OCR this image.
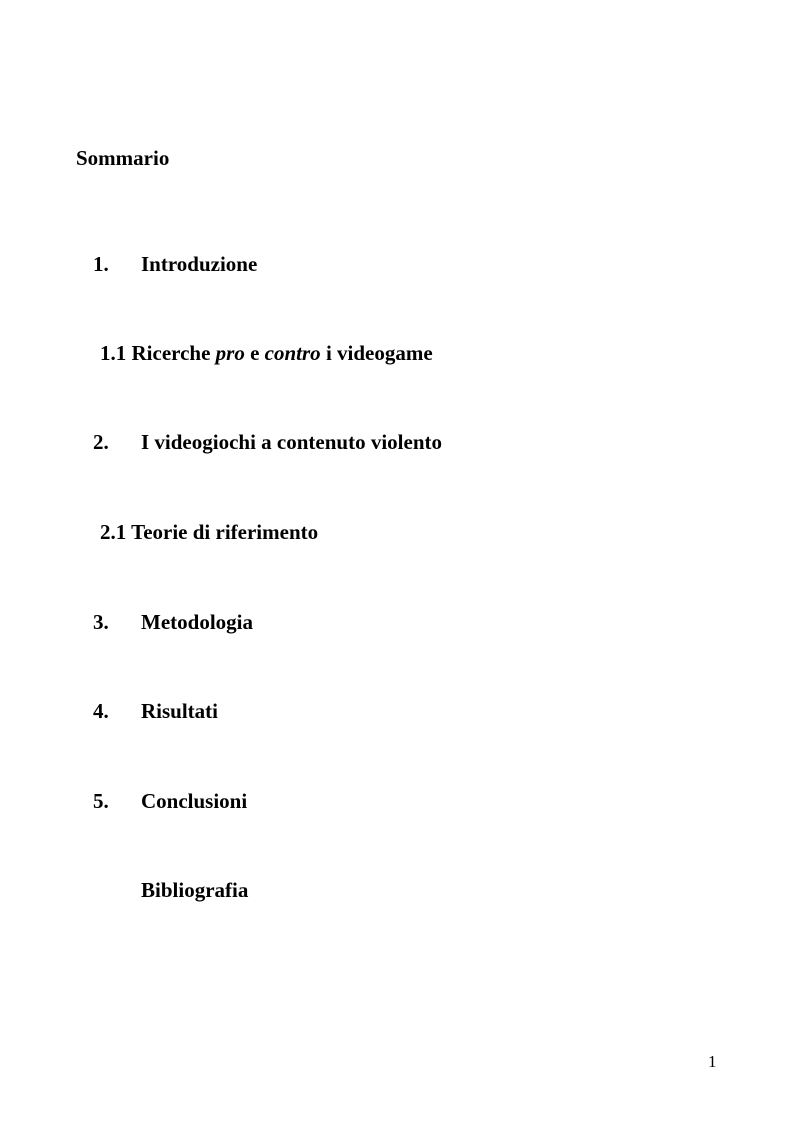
Sommario
1. Introduzione
1.1 Ricerche pro e contro i videogame
2. I videogiochi a contenuto violento
2.1 Teorie di riferimento
3. Metodologia
4. Risultati
5. Conclusioni
Bibliografia
1
